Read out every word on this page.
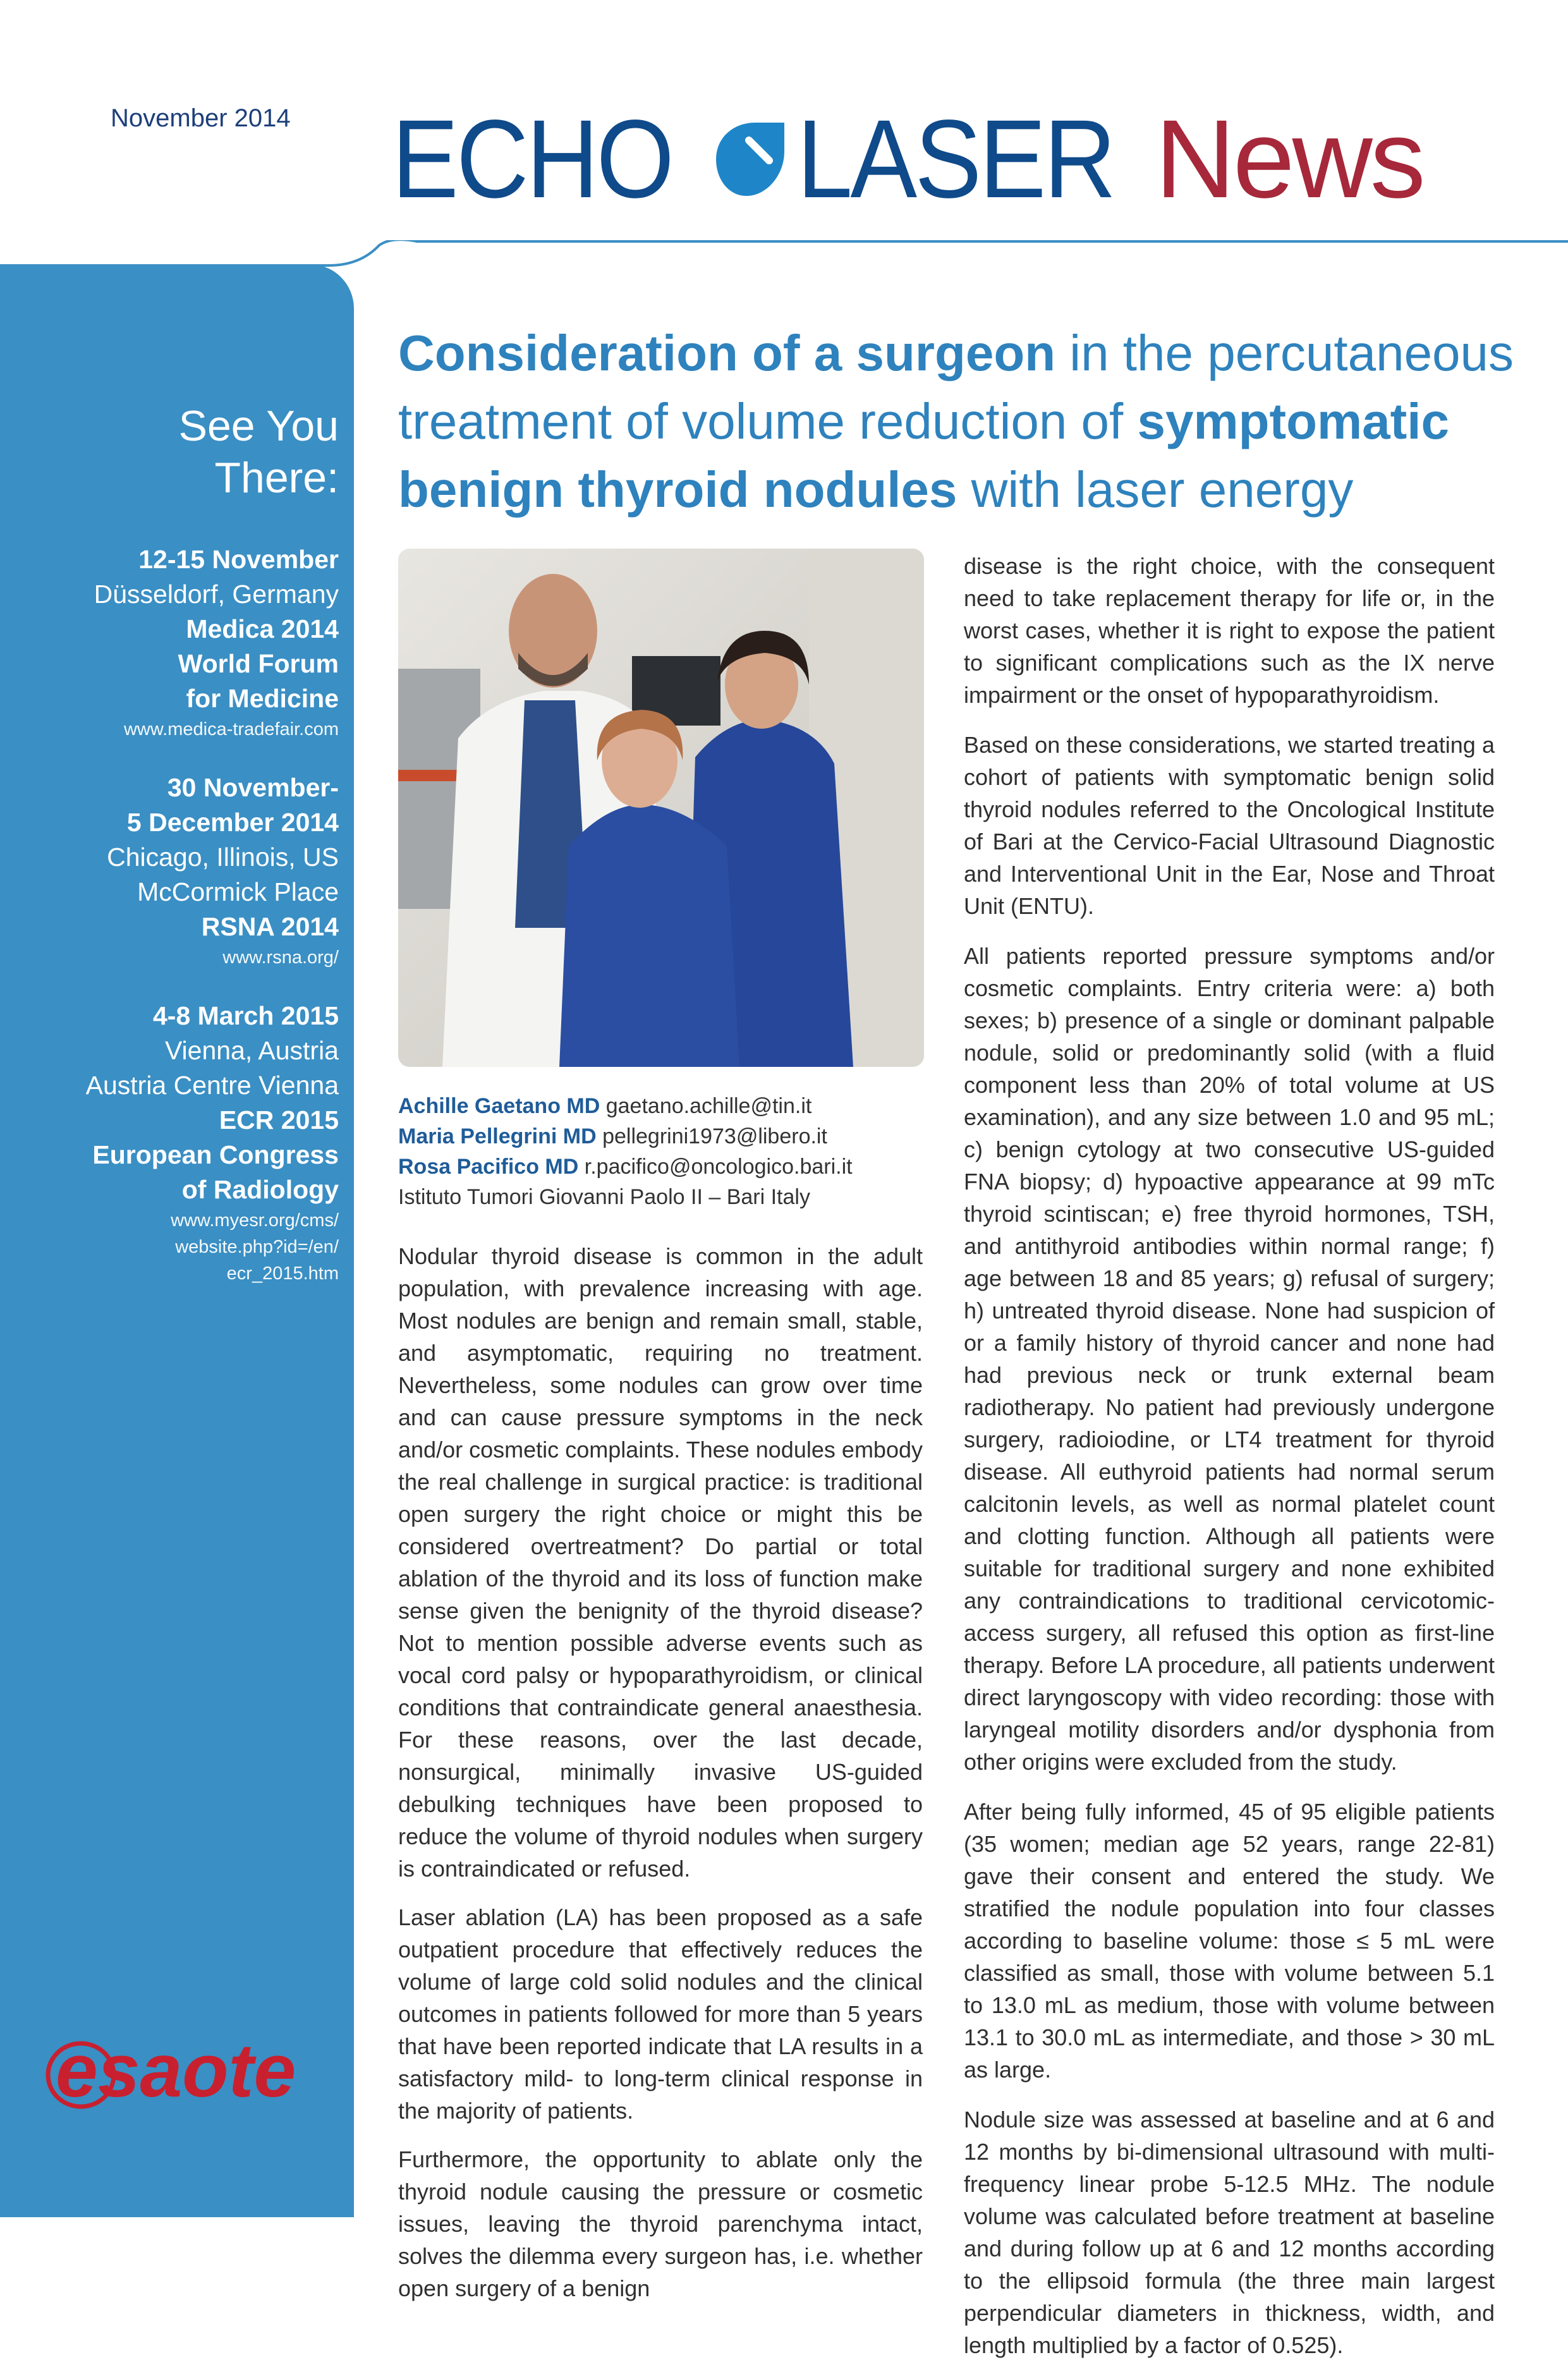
November 2014 ECHO LASER News
See You
There:
12-15 November
Düsseldorf, Germany
Medica 2014
World Forum
for Medicine
www.medica-tradefair.com
30 November-
5 December 2014
Chicago, Illinois, US
McCormick Place
RSNA 2014
www.rsna.org/
4-8 March 2015
Vienna, Austria
Austria Centre Vienna
ECR 2015
European Congress
of Radiology
www.myesr.org/cms/
website.php?id=/en/
ecr_2015.htm
esaote
Consideration of a surgeon in the percutaneous treatment of volume reduction of symptomatic benign thyroid nodules with laser energy
Achille Gaetano MD gaetano.achille@tin.it
Maria Pellegrini MD pellegrini1973@libero.it
Rosa Pacifico MD r.pacifico@oncologico.bari.it
Istituto Tumori Giovanni Paolo II – Bari Italy

Nodular thyroid disease is common in the adult population, with prevalence increasing with age. Most nodules are benign and remain small, stable, and asymptomatic, requiring no treatment. Nevertheless, some nodules can grow over time and can cause pressure symptoms in the neck and/or cosmetic complaints. These nodules embody the real challenge in surgical practice: is traditional open surgery the right choice or might this be considered overtreatment? Do partial or total ablation of the thyroid and its loss of function make sense given the benignity of the thyroid disease? Not to mention possible adverse events such as vocal cord palsy or hypoparathyroidism, or clinical conditions that contraindicate general anaesthesia. For these reasons, over the last decade, nonsurgical, minimally invasive US-guided debulking techniques have been proposed to reduce the volume of thyroid nodules when surgery is contraindicated or refused.

Laser ablation (LA) has been proposed as a safe outpatient procedure that effectively reduces the volume of large cold solid nodules and the clinical outcomes in patients followed for more than 5 years that have been reported indicate that LA results in a satisfactory mild- to long-term clinical response in the majority of patients.

Furthermore, the opportunity to ablate only the thyroid nodule causing the pressure or cosmetic issues, leaving the thyroid parenchyma intact, solves the dilemma every surgeon has, i.e. whether open surgery of a benign

disease is the right choice, with the consequent need to take replacement therapy for life or, in the worst cases, whether it is right to expose the patient to significant complications such as the IX nerve impairment or the onset of hypoparathyroidism.

Based on these considerations, we started treating a cohort of patients with symptomatic benign solid thyroid nodules referred to the Oncological Institute of Bari at the Cervico-Facial Ultrasound Diagnostic and Interventional Unit in the Ear, Nose and Throat Unit (ENTU).

All patients reported pressure symptoms and/or cosmetic complaints. Entry criteria were: a) both sexes; b) presence of a single or dominant palpable nodule, solid or predominantly solid (with a fluid component less than 20% of total volume at US examination), and any size between 1.0 and 95 mL; c) benign cytology at two consecutive US-guided FNA biopsy; d) hypoactive appearance at 99 mTc thyroid scintiscan; e) free thyroid hormones, TSH, and antithyroid antibodies within normal range; f) age between 18 and 85 years; g) refusal of surgery; h) untreated thyroid disease. None had suspicion of or a family history of thyroid cancer and none had had previous neck or trunk external beam radiotherapy. No patient had previously undergone surgery, radioiodine, or LT4 treatment for thyroid disease. All euthyroid patients had normal serum calcitonin levels, as well as normal platelet count and clotting function. Although all patients were suitable for traditional surgery and none exhibited any contraindications to traditional cervicotomic-access surgery, all refused this option as first-line therapy. Before LA procedure, all patients underwent direct laryngoscopy with video recording: those with laryngeal motility disorders and/or dysphonia from other origins were excluded from the study.

After being fully informed, 45 of 95 eligible patients (35 women; median age 52 years, range 22-81) gave their consent and entered the study. We stratified the nodule population into four classes according to baseline volume: those ≤ 5 mL were classified as small, those with volume between 5.1 to 13.0 mL as medium, those with volume between 13.1 to 30.0 mL as intermediate, and those > 30 mL as large.

Nodule size was assessed at baseline and at 6 and 12 months by bi-dimensional ultrasound with multi-frequency linear probe 5-12.5 MHz. The nodule volume was calculated before treatment at baseline and during follow up at 6 and 12 months according to the ellipsoid formula (the three main largest perpendicular diameters in thickness, width, and length multiplied by a factor of 0.525).
